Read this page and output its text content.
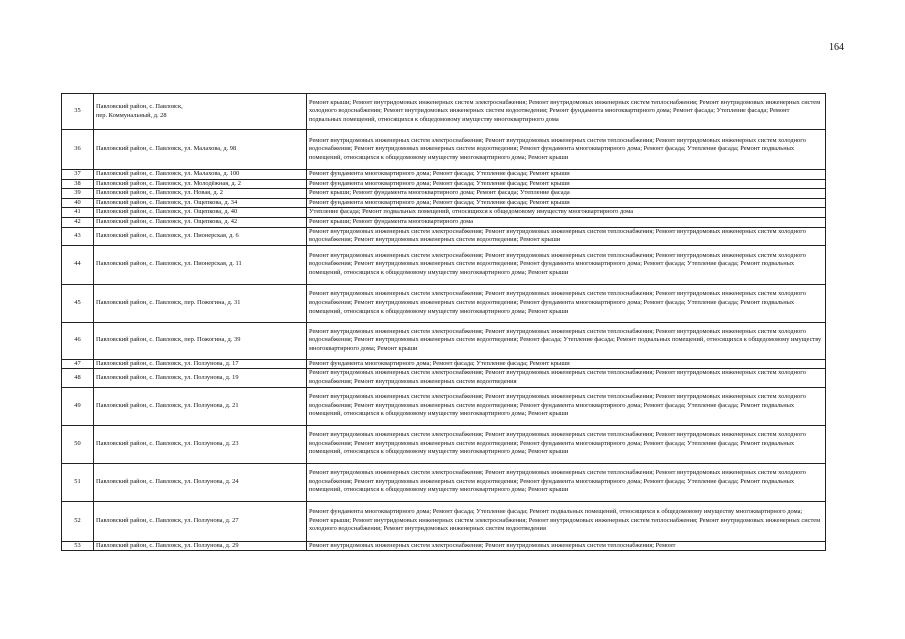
164
35	Павловский район, с. Павловск,
пер. Коммунальный, д. 28	Ремонт крыши; Ремонт внутридомовых инженерных систем электроснабжения; Ремонт внутридомовых инженерных систем теплоснабжения; Ремонт внутридомовых инженерных систем холодного водоснабжения; Ремонт внутридомовых инженерных систем водоотведения; Ремонт фундамента многоквартирного дома; Ремонт фасада; Утепление фасада; Ремонт подвальных помещений, относящихся к общедомовому имуществу многоквартирного дома
36	Павловский район, с. Павловск, ул. Малахова, д. 98	Ремонт внутридомовых инженерных систем электроснабжения; Ремонт внутридомовых инженерных систем теплоснабжения; Ремонт внутридомовых инженерных систем холодного водоснабжения; Ремонт внутридомовых инженерных систем водоотведения; Ремонт фундамента многоквартирного дома; Ремонт фасада; Утепление фасада; Ремонт подвальных помещений, относящихся к общедомовому имуществу многоквартирного дома; Ремонт крыши
37	Павловский район, с. Павловск, ул. Малахова, д. 100	Ремонт фундамента многоквартирного дома; Ремонт фасада; Утепление фасада; Ремонт крыши
38	Павловский район, с. Павловск, ул. Молодёжная, д. 2	Ремонт фундамента многоквартирного дома; Ремонт фасада; Утепление фасада; Ремонт крыши
39	Павловский район, с. Павловск, ул. Новая, д. 2	Ремонт крыши; Ремонт фундамента многоквартирного дома; Ремонт фасада; Утепление фасада
40	Павловский район, с. Павловск, ул. Ощепкова, д. 34	Ремонт фундамента многоквартирного дома; Ремонт фасада; Утепление фасада; Ремонт крыши
41	Павловский район, с. Павловск, ул. Ощепкова, д. 40	Утепление фасада; Ремонт подвальных помещений, относящихся к общедомовому имуществу многоквартирного дома
42	Павловский район, с. Павловск, ул. Ощепкова, д. 42	Ремонт крыши; Ремонт фундамента многоквартирного дома
43	Павловский район, с. Павловск, ул. Пионерская, д. 6	Ремонт внутридомовых инженерных систем электроснабжения; Ремонт внутридомовых инженерных систем теплоснабжения; Ремонт внутридомовых инженерных систем холодного водоснабжения; Ремонт внутридомовых инженерных систем водоотведения; Ремонт крыши
44	Павловский район, с. Павловск, ул. Пионерская, д. 11	Ремонт внутридомовых инженерных систем электроснабжения; Ремонт внутридомовых инженерных систем теплоснабжения; Ремонт внутридомовых инженерных систем холодного водоснабжения; Ремонт внутридомовых инженерных систем водоотведения; Ремонт фундамента многоквартирного дома; Ремонт фасада; Утепление фасада; Ремонт подвальных помещений, относящихся к общедомовому имуществу многоквартирного дома; Ремонт крыши
45	Павловский район, с. Павловск, пер. Пожогина, д. 31	Ремонт внутридомовых инженерных систем электроснабжения; Ремонт внутридомовых инженерных систем теплоснабжения; Ремонт внутридомовых инженерных систем холодного водоснабжения; Ремонт внутридомовых инженерных систем водоотведения; Ремонт фундамента многоквартирного дома; Ремонт фасада; Утепление фасада; Ремонт подвальных помещений, относящихся к общедомовому имуществу многоквартирного дома; Ремонт крыши
46	Павловский район, с. Павловск, пер. Пожогина, д. 39	Ремонт внутридомовых инженерных систем электроснабжения; Ремонт внутридомовых инженерных систем теплоснабжения; Ремонт внутридомовых инженерных систем холодного водоснабжения; Ремонт внутридомовых инженерных систем водоотведения; Ремонт фасада; Утепление фасада; Ремонт подвальных помещений, относящихся к общедомовому имуществу многоквартирного дома; Ремонт крыши
47	Павловский район, с. Павловск, ул. Ползунова, д. 17	Ремонт фундамента многоквартирного дома; Ремонт фасада; Утепление фасада; Ремонт крыши
48	Павловский район, с. Павловск, ул. Ползунова, д. 19	Ремонт внутридомовых инженерных систем электроснабжения; Ремонт внутридомовых инженерных систем теплоснабжения; Ремонт внутридомовых инженерных систем холодного водоснабжения; Ремонт внутридомовых инженерных систем водоотведения
49	Павловский район, с. Павловск, ул. Ползунова, д. 21	Ремонт внутридомовых инженерных систем электроснабжения; Ремонт внутридомовых инженерных систем теплоснабжения; Ремонт внутридомовых инженерных систем холодного водоснабжения; Ремонт внутридомовых инженерных систем водоотведения; Ремонт фундамента многоквартирного дома; Ремонт фасада; Утепление фасада; Ремонт подвальных помещений, относящихся к общедомовому имуществу многоквартирного дома; Ремонт крыши
50	Павловский район, с. Павловск, ул. Ползунова, д. 23	Ремонт внутридомовых инженерных систем электроснабжения; Ремонт внутридомовых инженерных систем теплоснабжения; Ремонт внутридомовых инженерных систем холодного водоснабжения; Ремонт внутридомовых инженерных систем водоотведения; Ремонт фундамента многоквартирного дома; Ремонт фасада; Утепление фасада; Ремонт подвальных помещений, относящихся к общедомовому имуществу многоквартирного дома; Ремонт крыши
51	Павловский район, с. Павловск, ул. Ползунова, д. 24	Ремонт внутридомовых инженерных систем электроснабжения; Ремонт внутридомовых инженерных систем теплоснабжения; Ремонт внутридомовых инженерных систем холодного водоснабжения; Ремонт внутридомовых инженерных систем водоотведения; Ремонт фундамента многоквартирного дома; Ремонт фасада; Утепление фасада; Ремонт подвальных помещений, относящихся к общедомовому имуществу многоквартирного дома; Ремонт крыши
52	Павловский район, с. Павловск, ул. Ползунова, д. 27	Ремонт фундамента многоквартирного дома; Ремонт фасада; Утепление фасада; Ремонт подвальных помещений, относящихся к общедомовому имуществу многоквартирного дома; Ремонт крыши; Ремонт внутридомовых инженерных систем электроснабжения; Ремонт внутридомовых инженерных систем теплоснабжения; Ремонт внутридомовых инженерных систем холодного водоснабжения; Ремонт внутридомовых инженерных систем водоотведения
53	Павловский район, с. Павловск, ул. Ползунова, д. 29	Ремонт внутридомовых инженерных систем электроснабжения; Ремонт внутридомовых инженерных систем теплоснабжения; Ремонт
